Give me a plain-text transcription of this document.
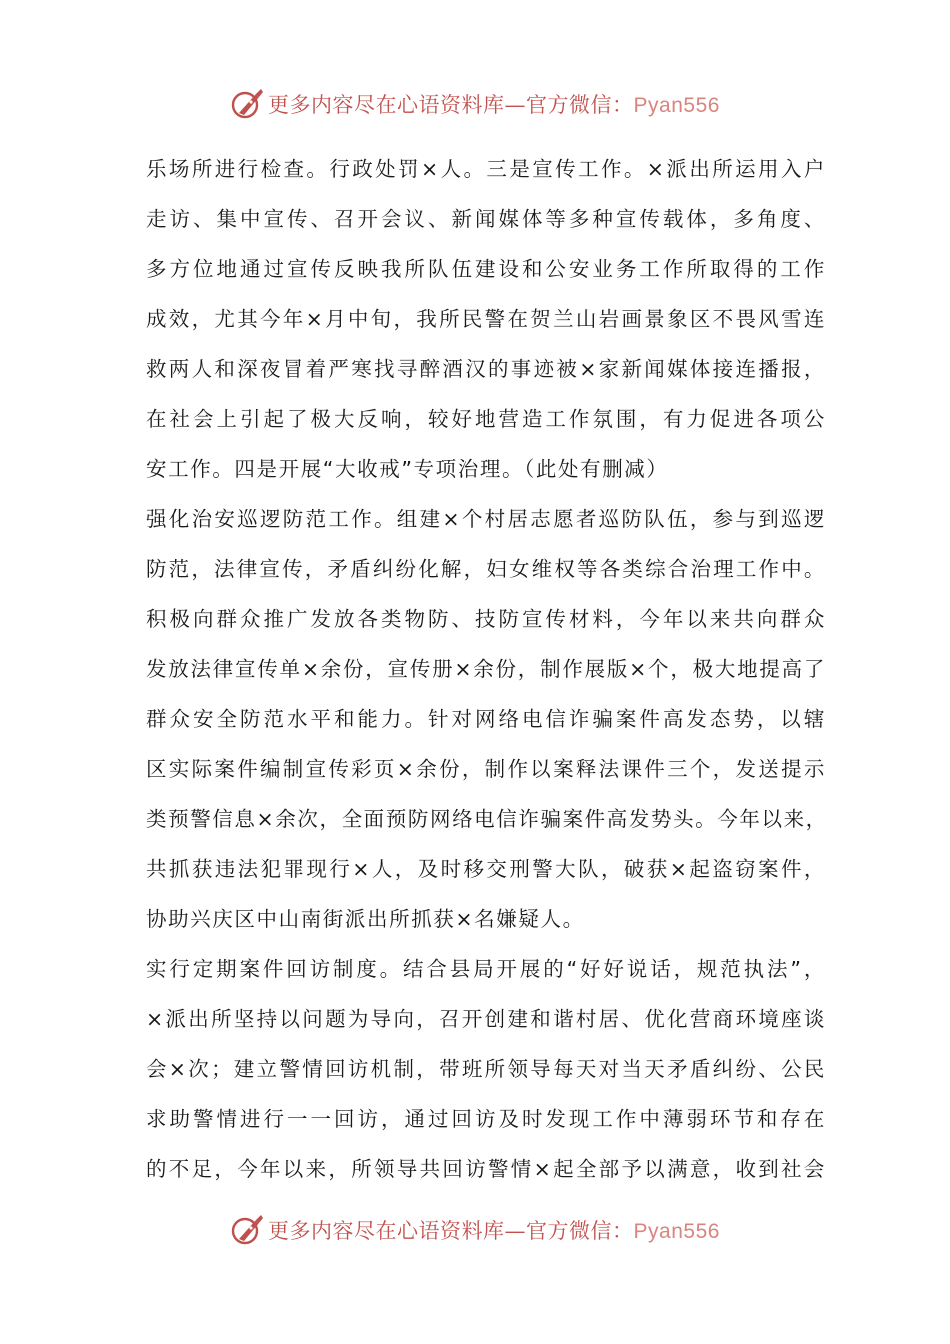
更多内容尽在心语资料库—官方微信：Pyan556
乐场所进行检查。行政处罚×人。三是宣传工作。×派出所运用入户
走访、集中宣传、召开会议、新闻媒体等多种宣传载体，多角度、
多方位地通过宣传反映我所队伍建设和公安业务工作所取得的工作
成效，尤其今年×月中旬，我所民警在贺兰山岩画景象区不畏风雪连
救两人和深夜冒着严寒找寻醉酒汉的事迹被×家新闻媒体接连播报，
在社会上引起了极大反响，较好地营造工作氛围，有力促进各项公
安工作。四是开展“大收戒”专项治理。（此处有删减）
强化治安巡逻防范工作。组建×个村居志愿者巡防队伍，参与到巡逻
防范，法律宣传，矛盾纠纷化解，妇女维权等各类综合治理工作中。
积极向群众推广发放各类物防、技防宣传材料，今年以来共向群众
发放法律宣传单×余份，宣传册×余份，制作展版×个，极大地提高了
群众安全防范水平和能力。针对网络电信诈骗案件高发态势，以辖
区实际案件编制宣传彩页×余份，制作以案释法课件三个，发送提示
类预警信息×余次，全面预防网络电信诈骗案件高发势头。今年以来，
共抓获违法犯罪现行×人，及时移交刑警大队，破获×起盗窃案件，
协助兴庆区中山南街派出所抓获×名嫌疑人。
实行定期案件回访制度。结合县局开展的“好好说话，规范执法”，
×派出所坚持以问题为导向，召开创建和谐村居、优化营商环境座谈
会×次；建立警情回访机制，带班所领导每天对当天矛盾纠纷、公民
求助警情进行一一回访，通过回访及时发现工作中薄弱环节和存在
的不足，今年以来，所领导共回访警情×起全部予以满意，收到社会
更多内容尽在心语资料库—官方微信：Pyan556
